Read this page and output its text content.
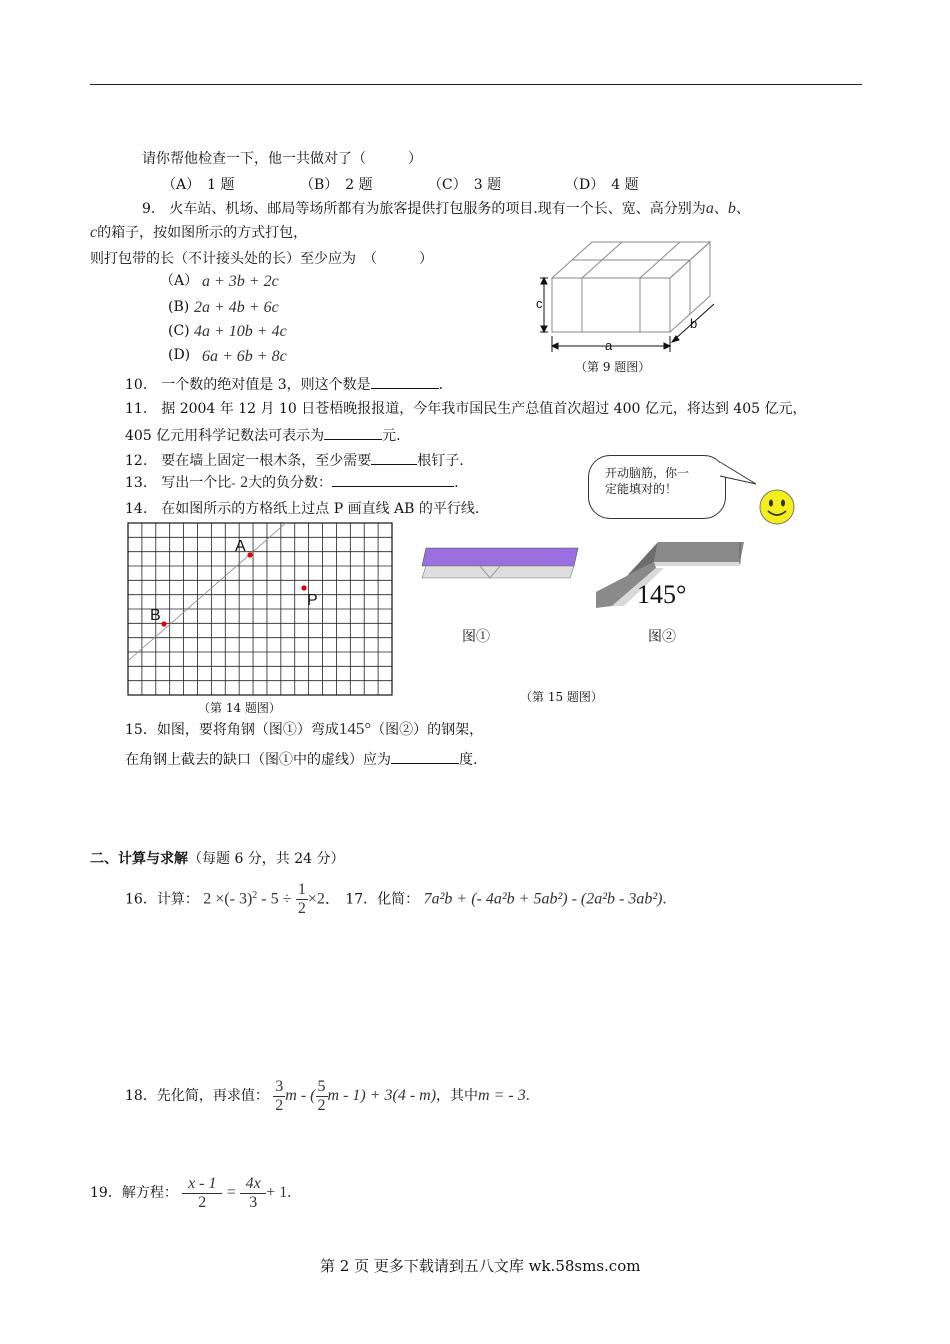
请你帮他检查一下，他一共做对了（　　　）
（A）　1 题	（B）　2 题	（C）　3 题	（D）　4 题
9.　火车站、机场、邮局等场所都有为旅客提供打包服务的项目.现有一个长、宽、高分别为a、b、
c的箱子，按如图所示的方式打包，
则打包带的长（不计接头处的长）至少应为　（　　　）
（A） a + 3b + 2c
(B) 2a + 4b + 6c
(C) 4a + 10b + 4c
(D) 6a + 6b + 8c
c
b
a
（第 9 题图）
10.　一个数的绝对值是 3，则这个数是	.
11.　据 2004 年 12 月 10 日苍梧晚报报道，今年我市国民生产总值首次超过 400 亿元，将达到 405 亿元，
405 亿元用科学记数法可表示为	元.
12.　要在墙上固定一根木条，至少需要	根钉子.
13.　写出一个比- 2大的负分数：	.
14.　在如图所示的方格纸上过点 P 画直线 AB 的平行线.
开动脑筋，你一
定能填对的！
A
B
P
（第 14 题图）
图①
145°
图②
（第 15 题图）
15．如图，要将角钢（图①）弯成145°（图②）的钢架，
在角钢上截去的缺口（图①中的虚线）应为	度.
二、计算与求解（每题 6 分，共 24 分）
16．计算： 2 ×(- $3)^2 - 5 \div \frac{1}{2} \times 2$． 17．化简： 7a²b + (- 4a²b + 5ab²) - (2a²b - 3ab²).
18．先化简，再求值： $\frac{3}{2}$ m - ( $\frac{5}{2}$ m - 1) + 3(4 - m)，其中m = - 3.
19．解方程： $\frac{x - 1}{2} = \frac{4x}{3} + 1$.
第 2 页 更多下载请到五八文库 wk.58sms.com
